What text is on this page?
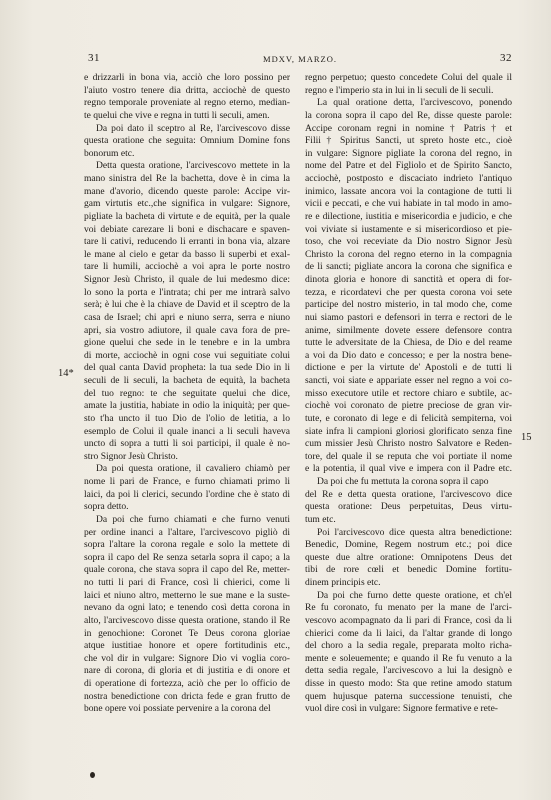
31	MDXV, MARZO.	32
14*
15
e drizzarli in bona via, acciò che loro possino per
l'aiuto vostro tenere dia dritta, acciochè de questo
regno temporale proveniate al regno eterno, median-
te quelui che vive e regna in tutti li seculi, amen.
Da poi dato il sceptro al Re, l'arcivescovo disse
questa oratione che seguita: Omnium Domine fons
bonorum etc.
Detta questa oratione, l'arcivescovo mettete in la
mano sinistra del Re la bachetta, dove è in cima la
mane d'avorio, dicendo queste parole: Accipe vir-
gam virtutis etc.,che significa in vulgare: Signore,
pigliate la bacheta di virtute e de equità, per la quale
voi debiate carezare li boni e dischacare e spaven-
tare li cativi, reducendo li erranti in bona via, alzare
le mane al cielo e getar da basso li superbi et exal-
tare li humili, acciochè a voi apra le porte nostro
Signor Jesù Christo, il quale de lui medesmo dice:
lo sono la porta e l'intrata; chi per me intrarà salvo
serà; è lui che è la chiave de David et il sceptro de la
casa de Israel; chi apri e niuno serra, serra e niuno
apri, sia vostro adiutore, il quale cava fora de pre-
gione quelui che sede in le tenebre e in la umbra
di morte, acciochè in ogni cose vui seguitiate colui
del qual canta David propheta: la tua sede Dio in li
seculi de li seculi, la bacheta de equità, la bacheta
del tuo regno: te che seguitate quelui che dice,
amate la justitia, habiate in odio la iniquità; per que-
sto t'ha uncto il tuo Dio de l'olio de letitia, a lo
esemplo de Colui il quale inanci a li seculi haveva
uncto di sopra a tutti li soi participi, il quale è no-
stro Signor Jesù Christo.
Da poi questa oratione, il cavaliero chiamò per
nome li pari de France, e furno chiamati primo li
laici, da poi li clerici, secundo l'ordine che è stato di
sopra detto.
Da poi che furno chiamati e che furno venuti
per ordine inanci a l'altare, l'arcivescovo pigliò di
sopra l'altare la corona regale e solo la mettete di
sopra il capo del Re senza setarla sopra il capo; a la
quale corona, che stava sopra il capo del Re, metter-
no tutti li pari di France, così li chierici, come li
laici et niuno altro, metterno le sue mane e la suste-
nevano da ogni lato; e tenendo così detta corona in
alto, l'arcivescovo disse questa oratione, stando il Re
in genochione: Coronet Te Deus corona gloriae
atque iustitiae honore et opere fortitudinis etc.,
che vol dir in vulgare: Signore Dio vi voglia coro-
nare di corona, di gloria et di justitia e di onore et
di operatione di fortezza, aciò che per lo officio de
nostra benedictione con dricta fede e gran frutto de
bone opere voi possiate pervenire a la corona del
regno perpetuo; questo concedete Colui del quale il
regno e l'imperio sta in lui in li seculi de li seculi.
La qual oratione detta, l'arcivescovo, ponendo
la corona sopra il capo del Re, disse queste parole:
Accipe coronam regni in nomine † Patris † et
Filii † Spiritus Sancti, ut spreto hoste etc., cioè
in vulgare: Signore pigliate la corona del regno, in
nome del Patre et del Figliolo et de Spirito Sancto,
acciochè, postposto e discaciato indrieto l'antiquo
inimico, lassate ancora voi la contagione de tutti li
vicii e peccati, e che vui habiate in tal modo in amo-
re e dilectione, iustitia e misericordia e judicio, e che
voi viviate si iustamente e si misericordioso et pie-
toso, che voi receviate da Dio nostro Signor Jesù
Christo la corona del regno eterno in la compagnia
de li sancti; pigliate ancora la corona che significa e
dinota gloria e honore di sanctità et opera di for-
tezza, e ricordatevi che per questa corona voi sete
participe del nostro misterio, in tal modo che, come
nui siamo pastori e defensori in terra e rectori de le
anime, similmente dovete essere defensore contra
tutte le adversitate de la Chiesa, de Dio e del reame
a voi da Dio dato e concesso; e per la nostra bene-
dictione e per la virtute de' Apostoli e de tutti li
sancti, voi siate e appariate esser nel regno a voi co-
misso executore utile et rectore chiaro e subtile, ac-
ciochè voi coronato de pietre preciose de gran vir-
tute, e coronato di lege e di felicità sempiterna, voi
siate infra li campioni gloriosi glorificato senza fine
cum missier Jesù Christo nostro Salvatore e Reden-
tore, del quale il se reputa che voi portiate il nome
e la potentia, il qual vive e impera con il Padre etc.
Da poi che fu mettuta la corona sopra il capo
del Re e detta questa oratione, l'arcivescovo dice
questa oratione: Deus perpetuitas, Deus virtu-
tum etc.
Poi l'arcivescovo dice questa altra benedictione:
Benedic, Domine, Regem nostrum etc.; poi dice
queste due altre oratione: Omnipotens Deus det
tibi de rore cœli et benedic Domine fortitu-
dinem principis etc.
Da poi che furno dette queste oratione, et ch'el
Re fu coronato, fu menato per la mane de l'arci-
vescovo acompagnato da li pari di France, così da li
chierici come da li laici, da l'altar grande di longo
del choro a la sedia regale, preparata molto richa-
mente e soleuemente; e quando il Re fu venuto a la
detta sedia regale, l'arcivescovo a lui la designò e
disse in questo modo: Sta que retine amodo statum
quem hujusque paterna successione tenuisti, che
vuol dire così in vulgare: Signore fermative e rete-
